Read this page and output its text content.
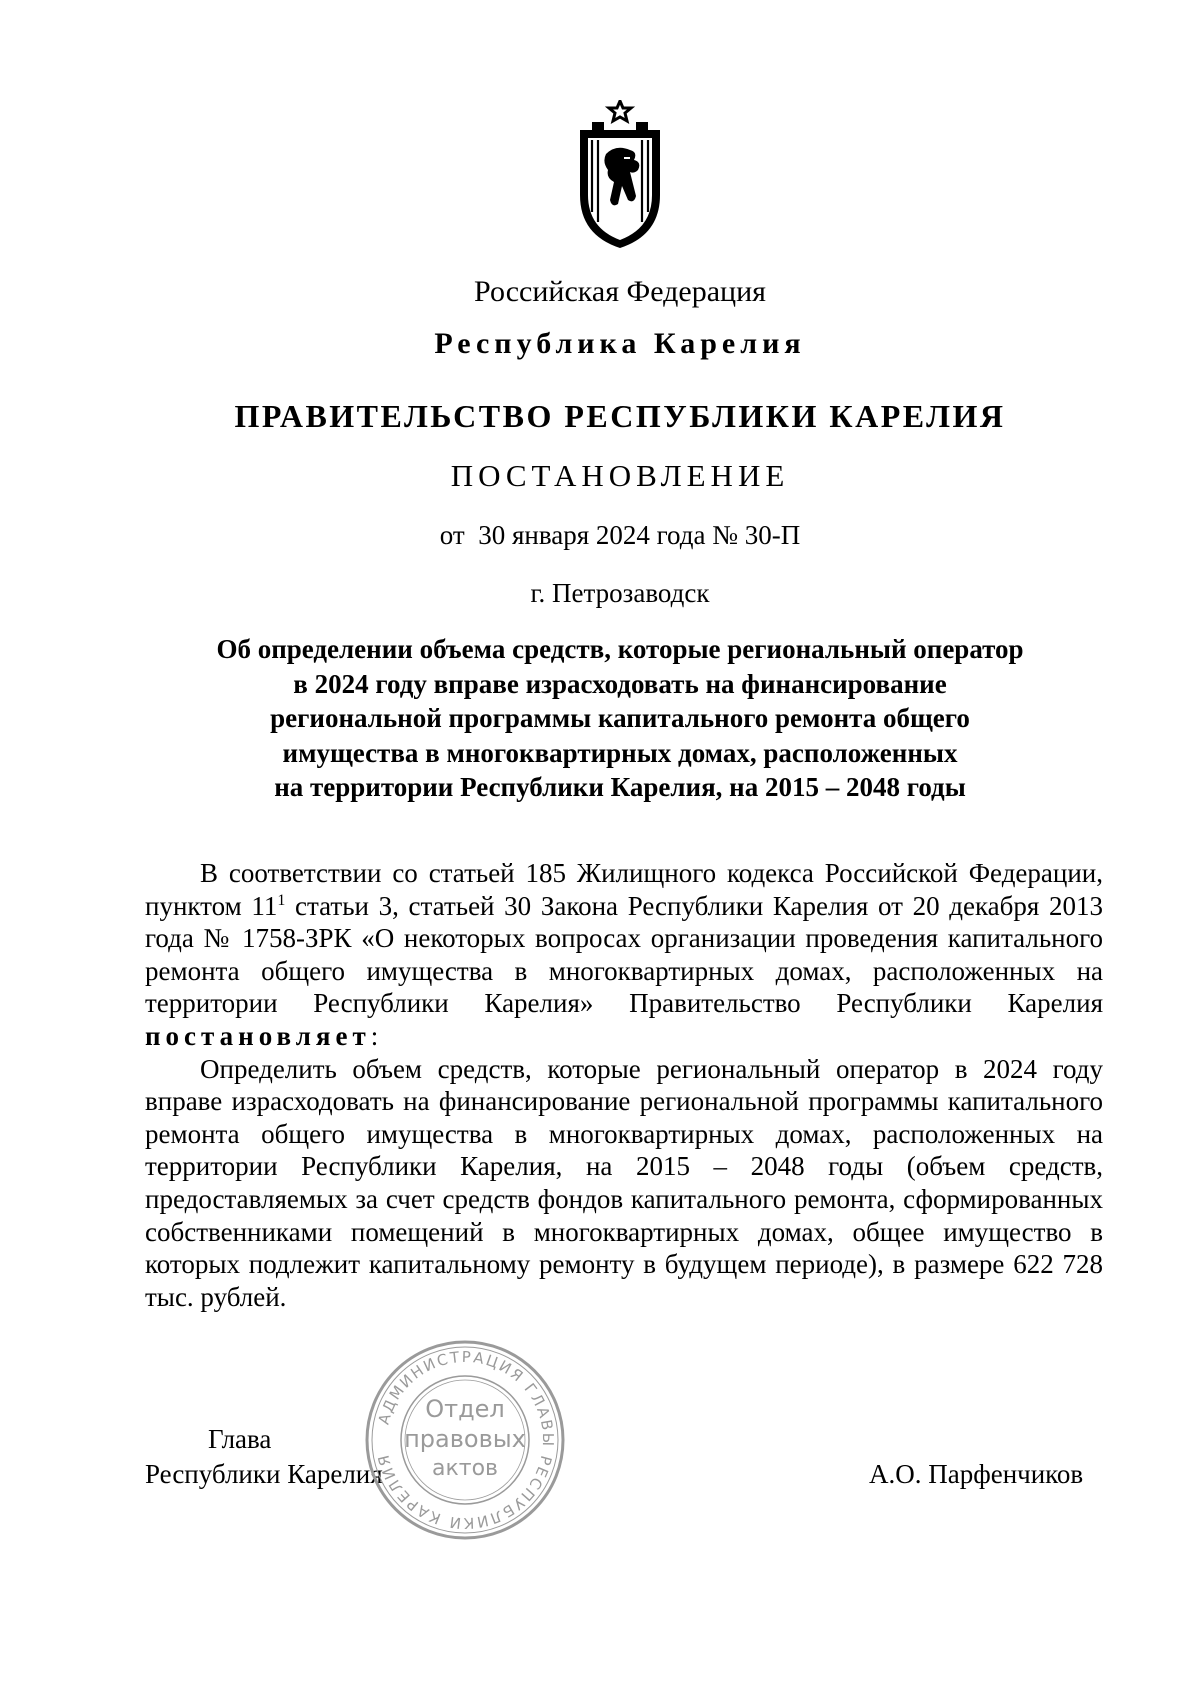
Российская Федерация
Республика Карелия
ПРАВИТЕЛЬСТВО РЕСПУБЛИКИ КАРЕЛИЯ
ПОСТАНОВЛЕНИЕ
от  30 января 2024 года № 30-П
г. Петрозаводск
Об определении объема средств, которые региональный оператор
в 2024 году вправе израсходовать на финансирование
региональной программы капитального ремонта общего
имущества в многоквартирных домах, расположенных
на территории Республики Карелия, на 2015 – 2048 годы

В соответствии со статьей 185 Жилищного кодекса Российской Федерации, пунктом $11^1$ статьи 3, статьей 30 Закона Республики Карелия от 20 декабря 2013 года № 1758-ЗРК «О некоторых вопросах организации проведения капитального ремонта общего имущества в многоквартирных домах, расположенных на территории Республики Карелия» Правительство Республики Карелия постановляет:

Определить объем средств, которые региональный оператор в 2024 году вправе израсходовать на финансирование региональной программы капитального ремонта общего имущества в многоквартирных домах, расположенных на территории Республики Карелия, на 2015 – 2048 годы (объем средств, предоставляемых за счет средств фондов капитального ремонта, сформированных собственниками помещений в многоквартирных домах, общее имущество в которых подлежит капитальному ремонту в будущем периоде), в размере 622 728 тыс. рублей.

Глава
Республики Карелия	А.О. Парфенчиков
АДМИНИСТРАЦИЯ ГЛАВЫ РЕСПУБЛИКИ КАРЕЛИЯ
Отдел
правовых
актов
